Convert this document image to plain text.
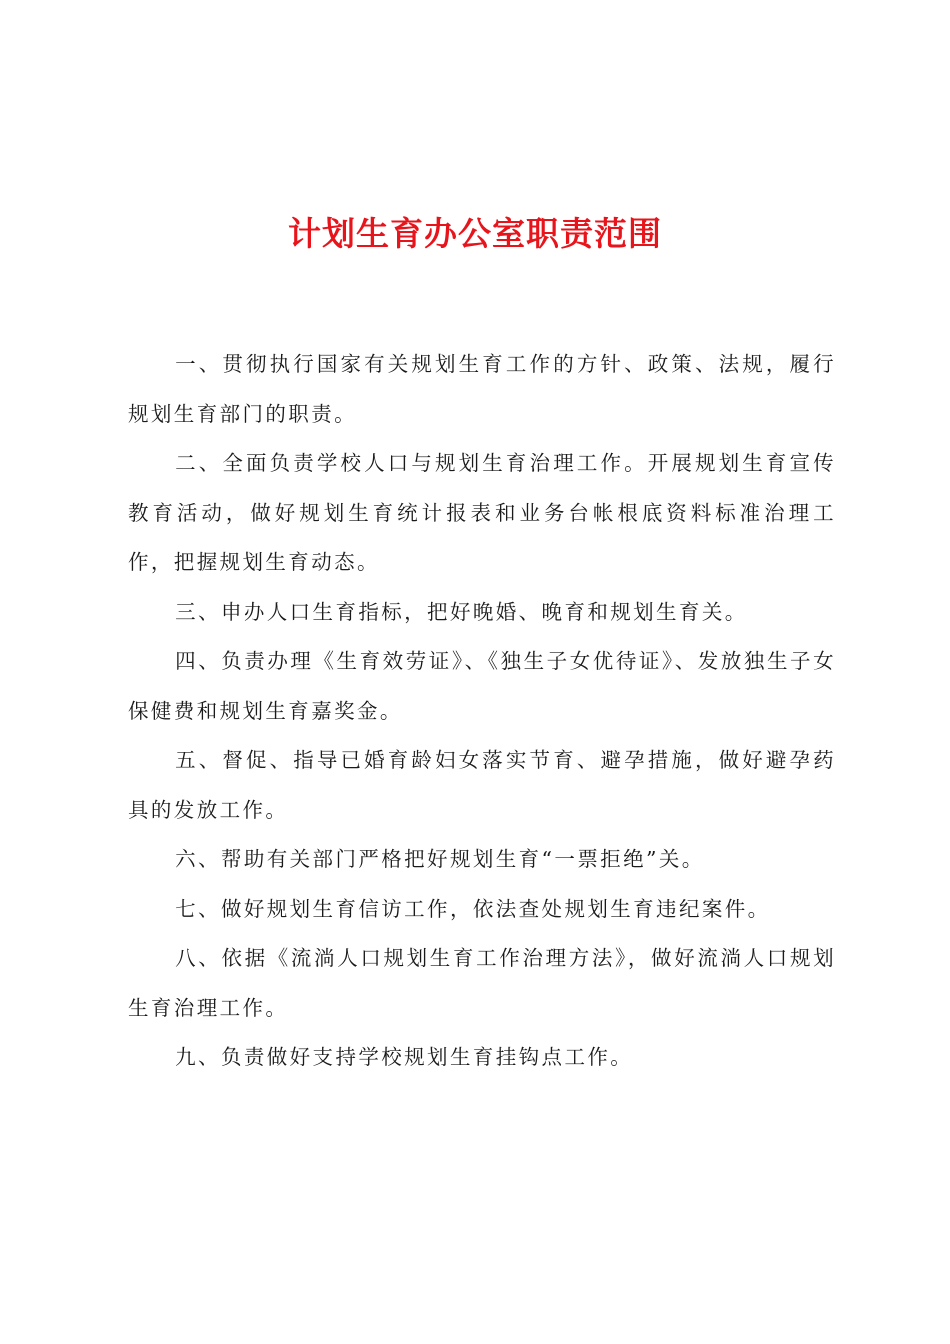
计划生育办公室职责范围

一、贯彻执行国家有关规划生育工作的方针、政策、法规，履行规划生育部门的职责。

二、全面负责学校人口与规划生育治理工作。开展规划生育宣传教育活动，做好规划生育统计报表和业务台帐根底资料标准治理工作，把握规划生育动态。

三、申办人口生育指标，把好晚婚、晚育和规划生育关。

四、负责办理《生育效劳证》、《独生子女优待证》、发放独生子女保健费和规划生育嘉奖金。

五、督促、指导已婚育龄妇女落实节育、避孕措施，做好避孕药具的发放工作。

六、帮助有关部门严格把好规划生育“一票拒绝”关。

七、做好规划生育信访工作，依法查处规划生育违纪案件。

八、依据《流淌人口规划生育工作治理方法》，做好流淌人口规划生育治理工作。

九、负责做好支持学校规划生育挂钩点工作。
